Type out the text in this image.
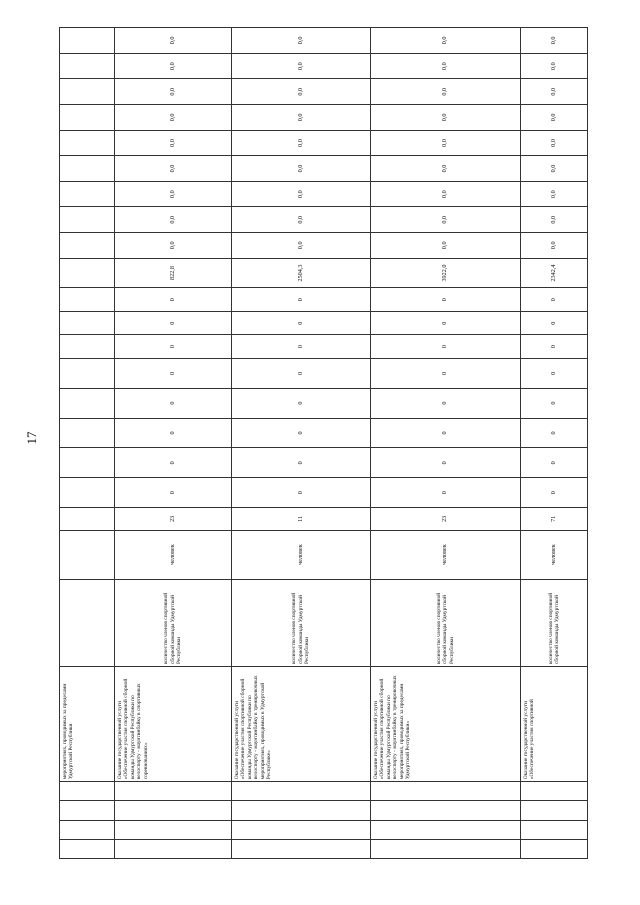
17
				мероприятиях, проводимых за пределами Удмуртской Республики																					
				Оказание государственной услуги «Обеспечение участия спортивной сборной команды Удмуртской Республики по велоспорту - маунтинбайку в спортивных соревнованиях»	количество членов спортивной сборной команды Удмуртской Республики	человек	23	0	0	0	0	0	0	0	0	822,8	0,0	0,0	0,0	0,0	0,0	0,0	0,0	0,0	0,0
				Оказание государственной услуги «Обеспечение участия спортивной сборной команды Удмуртской Республики по велоспорту - маунтинбайку в тренировочных мероприятиях, проводимых в Удмуртской Республике»	количество членов спортивной сборной команды Удмуртской Республики	человек	11	0	0	0	0	0	0	0	0	2504,3	0,0	0,0	0,0	0,0	0,0	0,0	0,0	0,0	0,0
				Оказание государственной услуги «Обеспечение участия спортивной сборной команды Удмуртской Республики по велоспорту - маунтинбайку в тренировочных мероприятиях, проводимых за пределами Удмуртской Республики»	количество членов спортивной сборной команды Удмуртской Республики	человек	23	0	0	0	0	0	0	0	0	3922,0	0,0	0,0	0,0	0,0	0,0	0,0	0,0	0,0	0,0
				Оказание государственной услуги «Обеспечение участия спортивной	количество членов спортивной сборной команды Удмуртской	человек	71	0	0	0	0	0	0	0	0	2342,4	0,0	0,0	0,0	0,0	0,0	0,0	0,0	0,0	0,0
